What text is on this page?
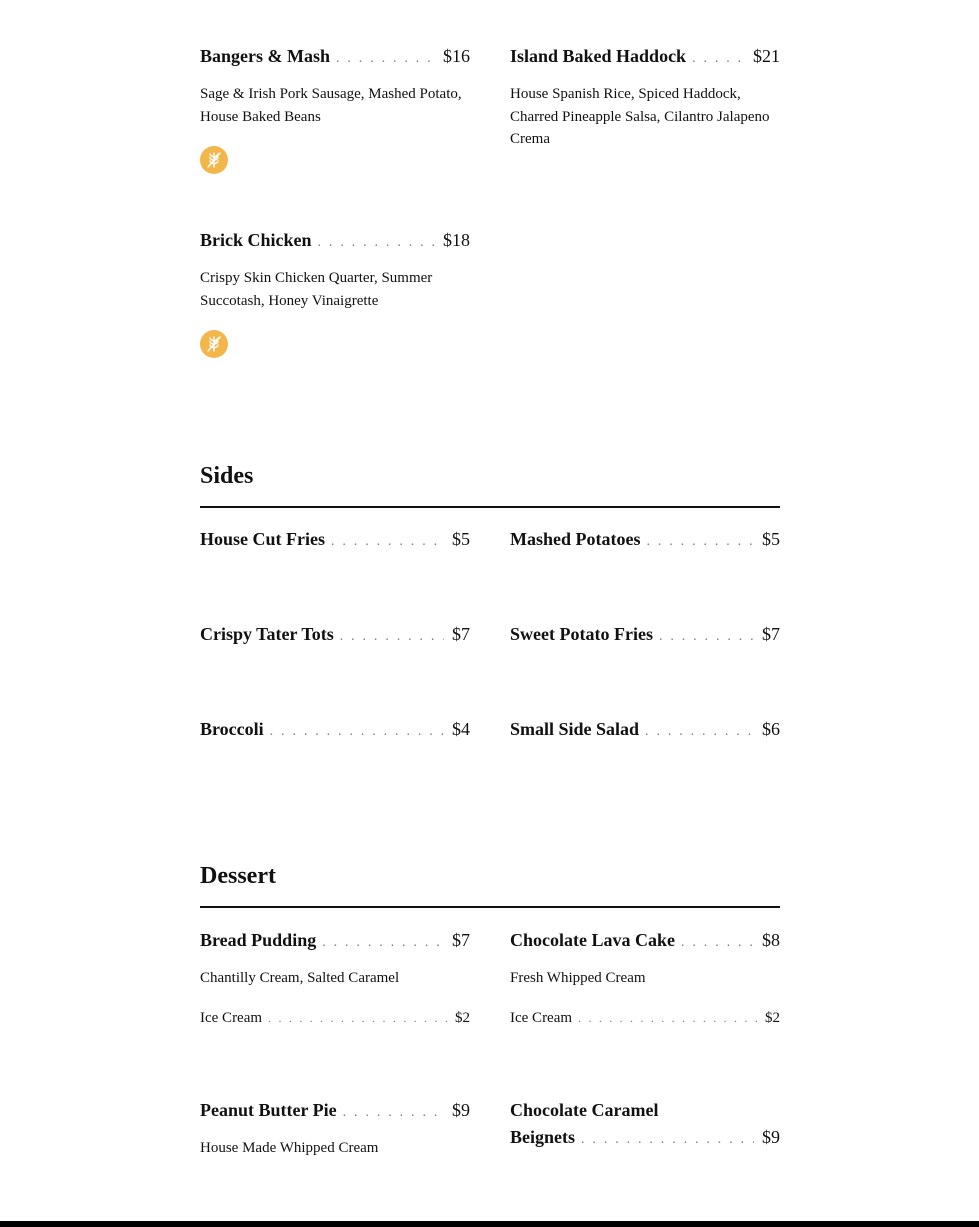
Bangers & Mash . . .	$16
Sage & Irish Pork Sausage, Mashed Potato, House Baked Beans
Island Baked Haddock . . .	$21
House Spanish Rice, Spiced Haddock, Charred Pineapple Salsa, Cilantro Jalapeno Crema
Brick Chicken . . .	$18
Crispy Skin Chicken Quarter, Summer Succotash, Honey Vinaigrette
Sides
House Cut Fries . . .	$5 Mashed Potatoes . . .	$5
Crispy Tater Tots . . .	$7 Sweet Potato Fries . . .	$7
Broccoli . . .	$4 Small Side Salad . . .	$6
Dessert
Bread Pudding . . .	$7
Chantilly Cream, Salted Caramel
Ice Cream . . .	$2
Chocolate Lava Cake . . .	$8
Fresh Whipped Cream
Ice Cream . . .	$2
Peanut Butter Pie . . .	$9
House Made Whipped Cream
Chocolate Caramel
Beignets . . .	$9
